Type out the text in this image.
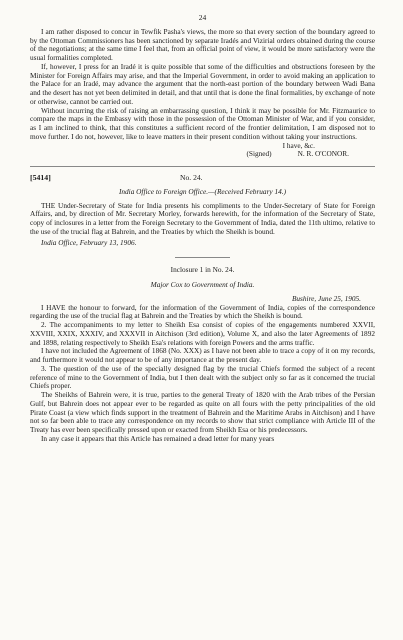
24

I am rather disposed to concur in Tewfik Pasha's views, the more so that every section of the boundary agreed to by the Ottoman Commissioners has been sanctioned by separate Iradés and Vizirial orders obtained during the course of the negotiations; at the same time I feel that, from an official point of view, it would be more satisfactory were the usual formalities completed.

If, however, I press for an Iradé it is quite possible that some of the difficulties and obstructions foreseen by the Minister for Foreign Affairs may arise, and that the Imperial Government, in order to avoid making an application to the Palace for an Iradé, may advance the argument that the north-east portion of the boundary between Wadi Bana and the desert has not yet been delimited in detail, and that until that is done the final formalities, by exchange of note or otherwise, cannot be carried out.

Without incurring the risk of raising an embarrassing question, I think it may be possible for Mr. Fitzmaurice to compare the maps in the Embassy with those in the possession of the Ottoman Minister of War, and if you consider, as I am inclined to think, that this constitutes a sufficient record of the frontier delimitation, I am disposed not to move further. I do not, however, like to leave matters in their present condition without taking your instructions.

I have, &c.

(Signed)	N. R. O'CONOR.
[5414]	No. 24.
India Office to Foreign Office.—(Received February 14.)

THE Under-Secretary of State for India presents his compliments to the Under-Secretary of State for Foreign Affairs, and, by direction of Mr. Secretary Morley, forwards herewith, for the information of the Secretary of State, copy of inclosures in a letter from the Foreign Secretary to the Government of India, dated the 11th ultimo, relative to the use of the trucial flag at Bahrein, and the Treaties by which the Sheikh is bound.

India Office, February 13, 1906.

Inclosure 1 in No. 24.
Major Cox to Government of India.
Bushire, June 25, 1905.

I HAVE the honour to forward, for the information of the Government of India, copies of the correspondence regarding the use of the trucial flag at Bahrein and the Treaties by which the Sheikh is bound.

2. The accompaniments to my letter to Sheikh Esa consist of copies of the engagements numbered XXVII, XXVIII, XXIX, XXXIV, and XXXVII in Aitchison (3rd edition), Volume X, and also the later Agreements of 1892 and 1898, relating respectively to Sheikh Esa's relations with foreign Powers and the arms traffic.

I have not included the Agreement of 1868 (No. XXX) as I have not been able to trace a copy of it on my records, and furthermore it would not appear to be of any importance at the present day.

3. The question of the use of the specially designed flag by the trucial Chiefs formed the subject of a recent reference of mine to the Government of India, but I then dealt with the subject only so far as it concerned the trucial Chiefs proper.

The Sheikhs of Bahrein were, it is true, parties to the general Treaty of 1820 with the Arab tribes of the Persian Gulf, but Bahrein does not appear ever to be regarded as quite on all fours with the petty principalities of the old Pirate Coast (a view which finds support in the treatment of Bahrein and the Maritime Arabs in Aitchison) and I have not so far been able to trace any correspondence on my records to show that strict compliance with Article III of the Treaty has ever been specifically pressed upon or exacted from Sheikh Esa or his predecessors.

In any case it appears that this Article has remained a dead letter for many years
